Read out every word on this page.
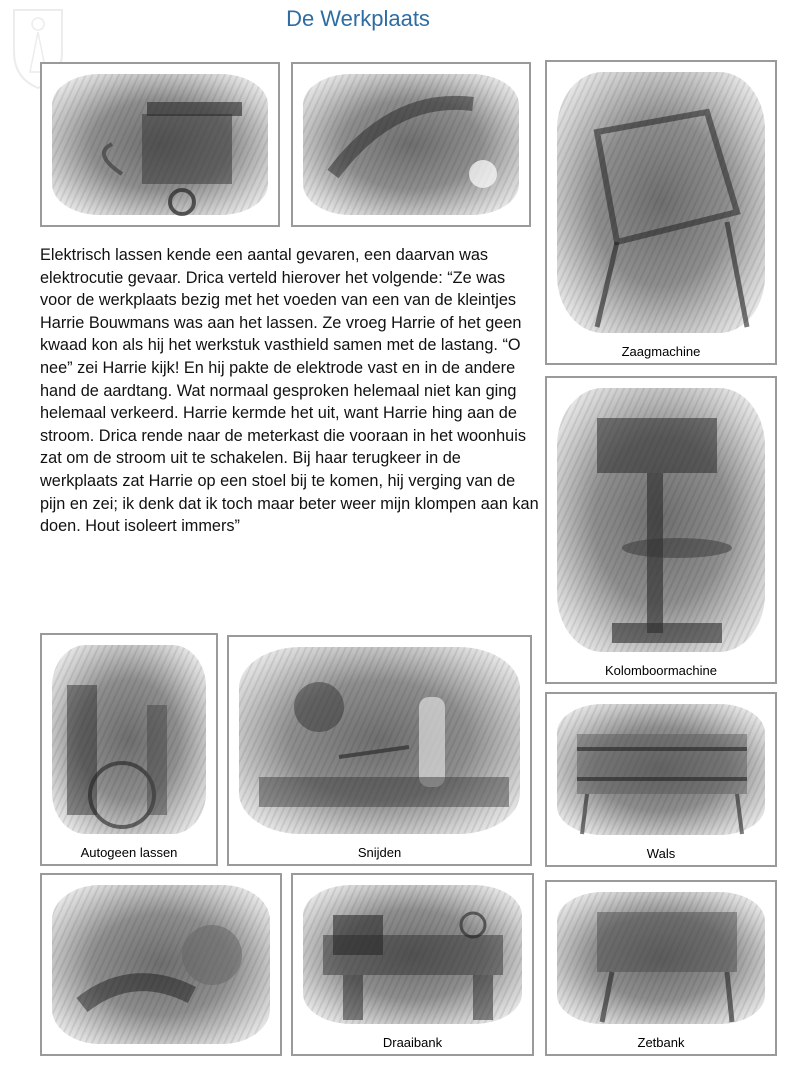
De Werkplaats
Zaagmachine

Elektrisch lassen kende een aantal gevaren, een daarvan was elektrocutie gevaar. Drica verteld hierover het volgende: “Ze was voor de werkplaats bezig met het voeden van een van de kleintjes Harrie Bouwmans was aan het lassen. Ze vroeg Harrie of het geen kwaad kon als hij het werkstuk vasthield samen met de lastang. “O nee” zei Harrie kijk! En hij pakte de elektrode vast en in de andere hand de aardtang. Wat normaal gesproken helemaal niet kan ging helemaal verkeerd. Harrie kermde het uit, want Harrie hing aan de stroom. Drica rende naar de meterkast die vooraan in het woonhuis zat om de stroom uit te schakelen. Bij haar terugkeer in de werkplaats zat Harrie op een stoel bij te komen, hij verging van de pijn en zei; ik denk dat ik toch maar beter weer mijn klompen aan kan doen. Hout isoleert immers”

Kolomboormachine
Autogeen lassen	Snijden	Wals
Draaibank	Zetbank
